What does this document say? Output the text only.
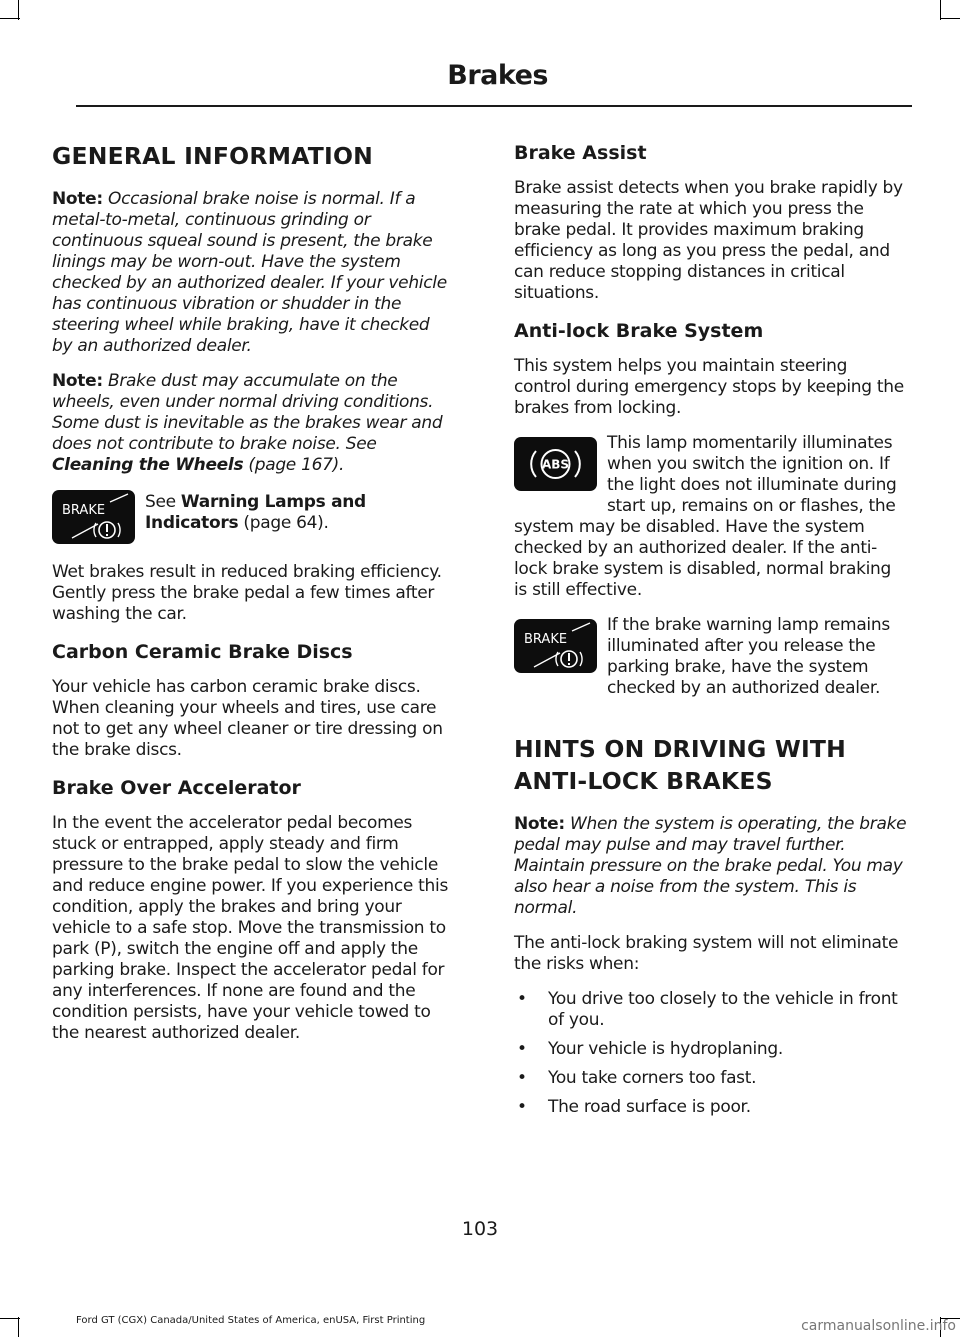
Brakes
GENERAL INFORMATION

Note: Occasional brake noise is normal. If a metal-to-metal, continuous grinding or continuous squeal sound is present, the brake linings may be worn-out. Have the system checked by an authorized dealer. If your vehicle has continuous vibration or shudder in the steering wheel while braking, have it checked by an authorized dealer.

Note: Brake dust may accumulate on the wheels, even under normal driving conditions. Some dust is inevitable as the brakes wear and does not contribute to brake noise. See Cleaning the Wheels (page 167).

BRAKE	See Warning Lamps and Indicators (page 64).

Wet brakes result in reduced braking efficiency. Gently press the brake pedal a few times after washing the car.

Carbon Ceramic Brake Discs

Your vehicle has carbon ceramic brake discs. When cleaning your wheels and tires, use care not to get any wheel cleaner or tire dressing on the brake discs.

Brake Over Accelerator

In the event the accelerator pedal becomes stuck or entrapped, apply steady and firm pressure to the brake pedal to slow the vehicle and reduce engine power. If you experience this condition, apply the brakes and bring your vehicle to a safe stop. Move the transmission to park (P), switch the engine off and apply the parking brake. Inspect the accelerator pedal for any interferences. If none are found and the condition persists, have your vehicle towed to the nearest authorized dealer.

Brake Assist

Brake assist detects when you brake rapidly by measuring the rate at which you press the brake pedal. It provides maximum braking efficiency as long as you press the pedal, and can reduce stopping distances in critical situations.

Anti-lock Brake System

This system helps you maintain steering control during emergency stops by keeping the brakes from locking.

ABS

This lamp momentarily illuminates when you switch the ignition on. If the light does not illuminate during start up, remains on or flashes, the system may be disabled. Have the system checked by an authorized dealer. If the anti-lock brake system is disabled, normal braking is still effective.

BRAKE

If the brake warning lamp remains illuminated after you release the parking brake, have the system checked by an authorized dealer.

HINTS ON DRIVING WITH
ANTI-LOCK BRAKES

Note: When the system is operating, the brake pedal may pulse and may travel further. Maintain pressure on the brake pedal. You may also hear a noise from the system. This is normal.

The anti-lock braking system will not eliminate the risks when:

• You drive too closely to the vehicle in front of you.
• Your vehicle is hydroplaning.
• You take corners too fast.
• The road surface is poor.
103
Ford GT (CGX) Canada/United States of America, enUSA, First Printing	carmanualsonline.info
